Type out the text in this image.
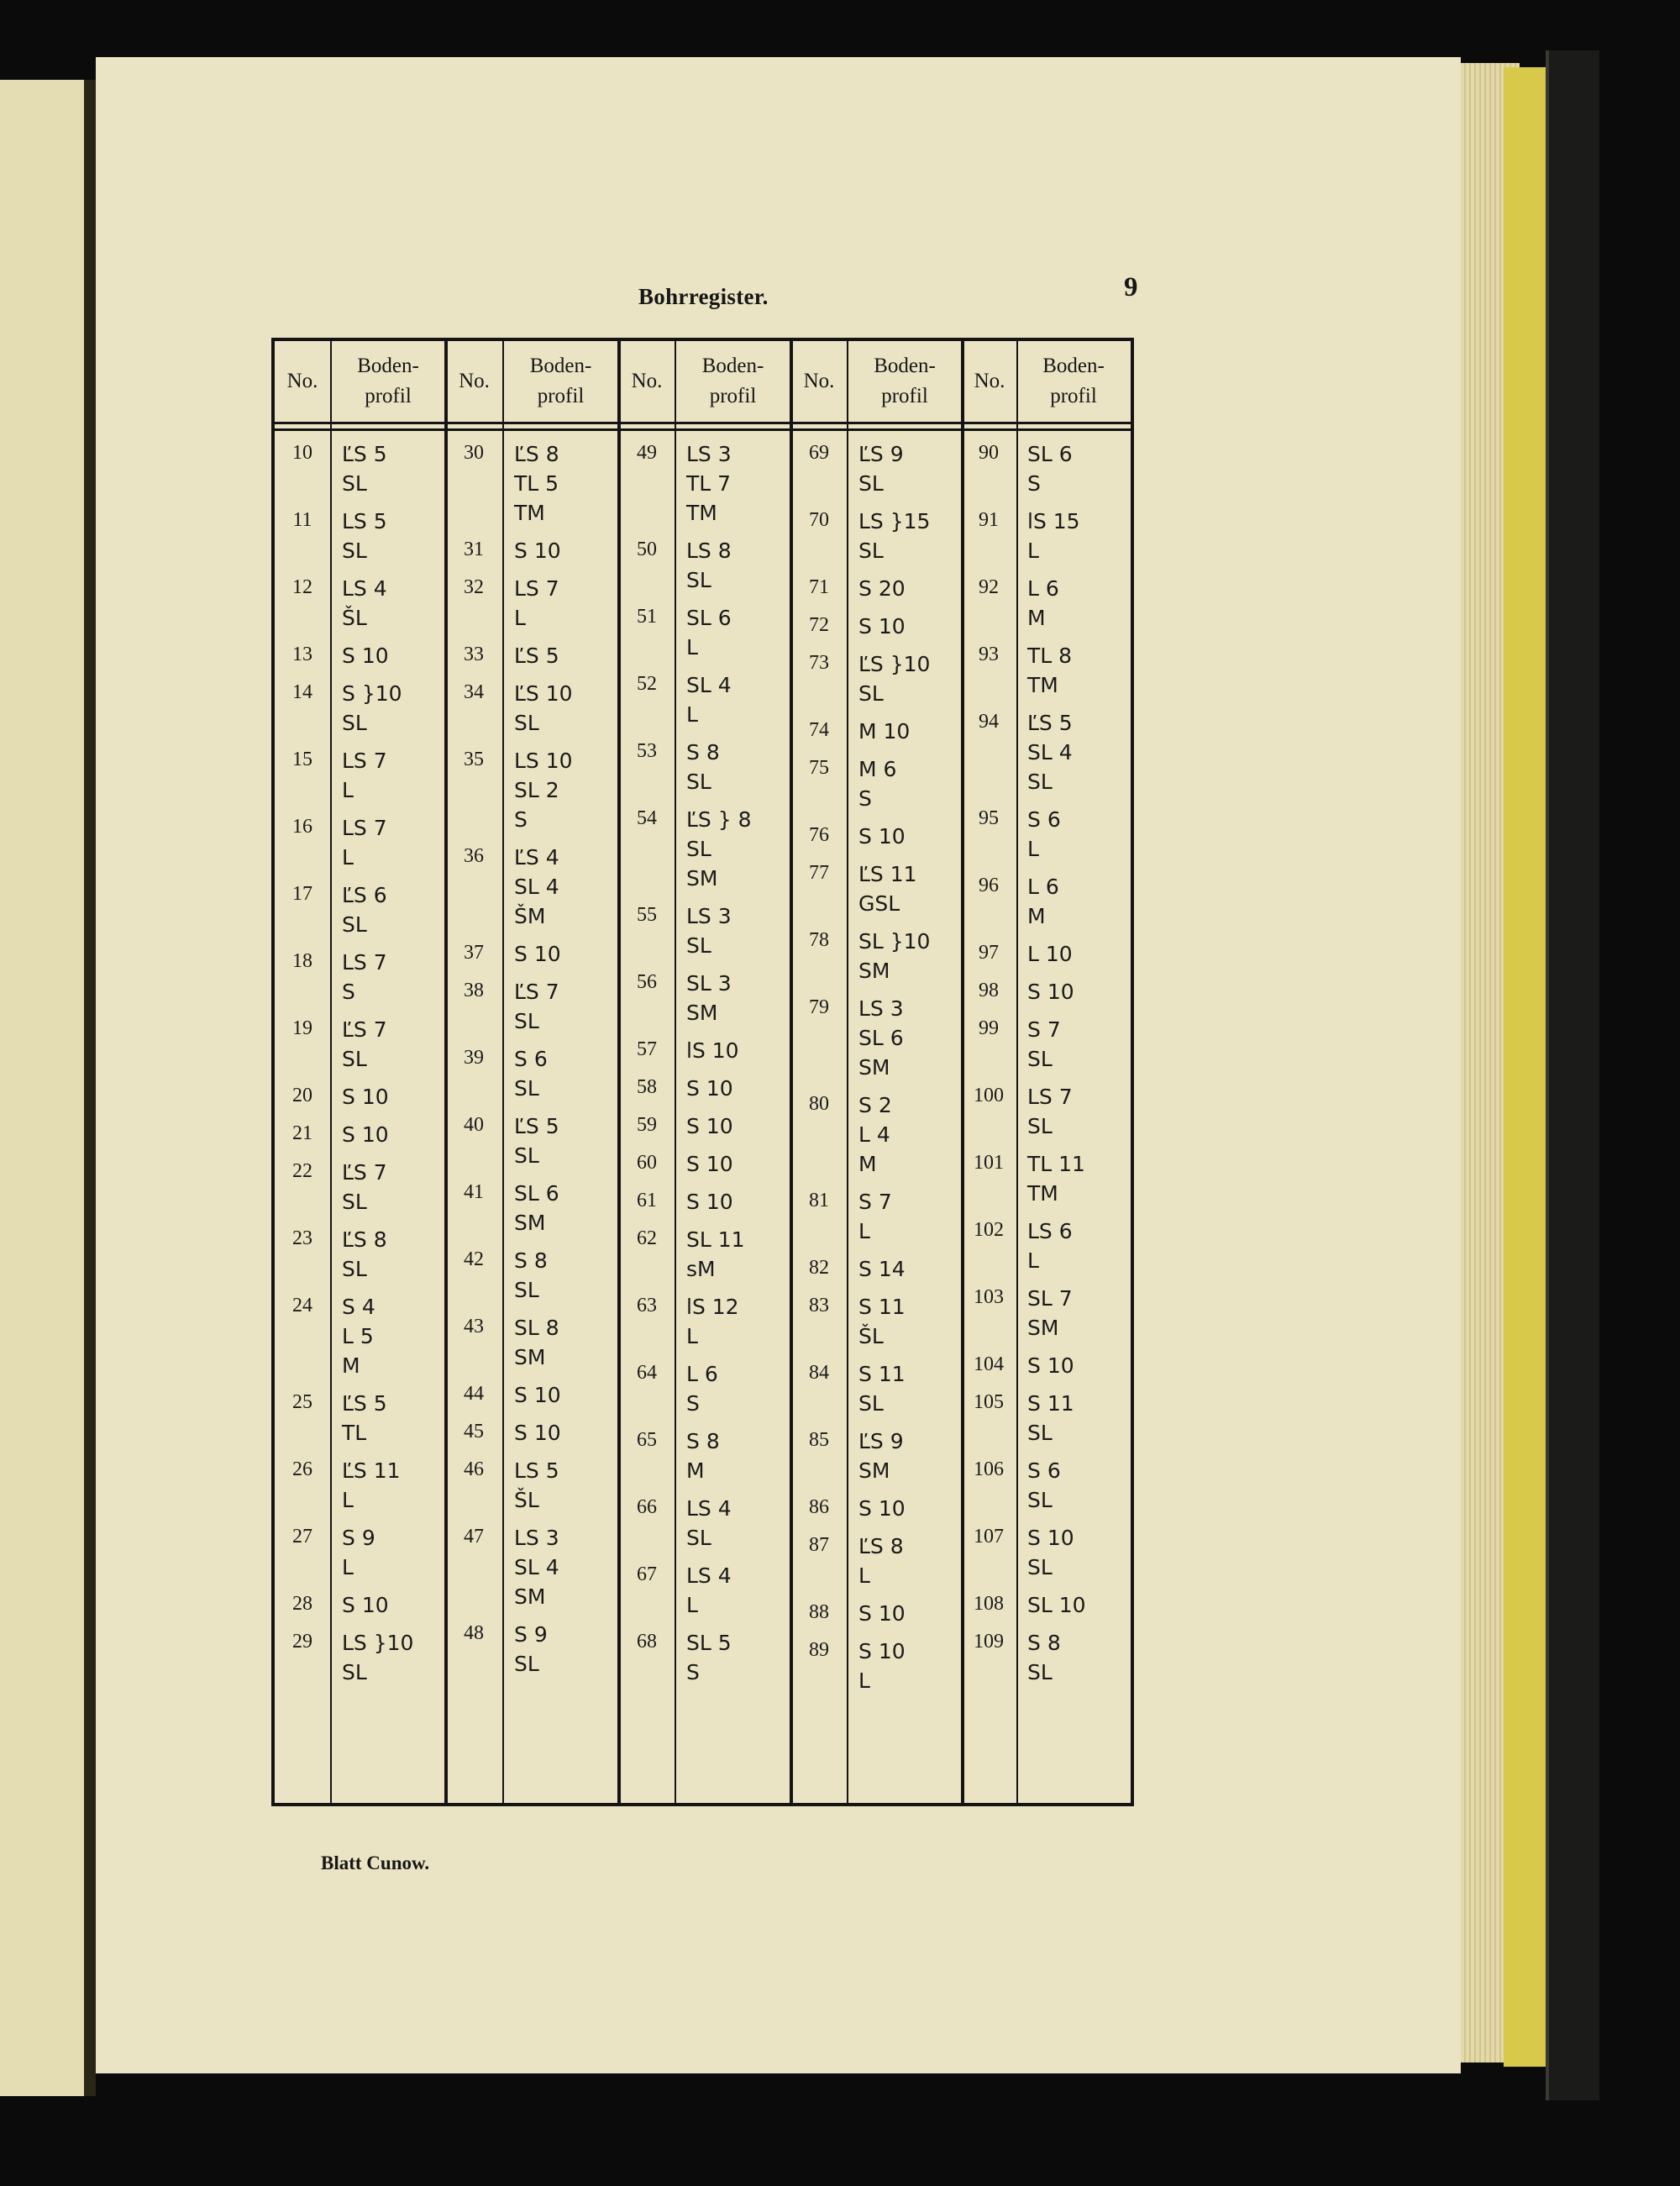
Bohrregister.	9
No.
Boden-
profil
No.
Boden-
profil
No.
Boden-
profil
No.
Boden-
profil
No.
Boden-
profil
10	ĽS 5
SL
11	LS 5
SL
12	LS 4
ŠL
13	S 10
14	S }10
SL
15	LS 7
L
16	LS 7
L
17	ĽS 6
SL
18	LS 7
S
19	ĽS 7
SL
20	S 10
21	S 10
22	ĽS 7
SL
23	ĽS 8
SL
24	S 4
L 5
M
25	ĽS 5
TL
26	ĽS 11
L
27	S 9
L
28	S 10
29	LS }10
SL
30	ĽS 8
TL 5
TM
31	S 10
32	LS 7
L
33	ĽS 5
34	ĽS 10
SL
35	LS 10
SL 2
S
36	ĽS 4
SL 4
ŠM
37	S 10
38	ĽS 7
SL
39	S 6
SL
40	ĽS 5
SL
41	SL 6
SM
42	S 8
SL
43	SL 8
SM
44	S 10
45	S 10
46	LS 5
ŠL
47	LS 3
SL 4
SM
48	S 9
SL
49	LS 3
TL 7
TM
50	LS 8
SL
51	SL 6
L
52	SL 4
L
53	S 8
SL
54	ĽS } 8
SL
SM
55	LS 3
SL
56	SL 3
SM
57	lS 10
58	S 10
59	S 10
60	S 10
61	S 10
62	SL 11
sM
63	lS 12
L
64	L 6
S
65	S 8
M
66	LS 4
SL
67	LS 4
L
68	SL 5
S
69	ĽS 9
SL
70	LS }15
SL
71	S 20
72	S 10
73	ĽS }10
SL
74	M 10
75	M 6
S
76	S 10
77	ĽS 11
GSL
78	SL }10
SM
79	LS 3
SL 6
SM
80	S 2
L 4
M
81	S 7
L
82	S 14
83	S 11
ŠL
84	S 11
SL
85	ĽS 9
SM
86	S 10
87	ĽS 8
L
88	S 10
89	S 10
L
90	SL 6
S
91	lS 15
L
92	L 6
M
93	TL 8
TM
94	ĽS 5
SL 4
SL
95	S 6
L
96	L 6
M
97	L 10
98	S 10
99	S 7
SL
100	LS 7
SL
101	TL 11
TM
102	LS 6
L
103	SL 7
SM
104	S 10
105	S 11
SL
106	S 6
SL
107	S 10
SL
108	SL 10
109	S 8
SL
Blatt Cunow.
